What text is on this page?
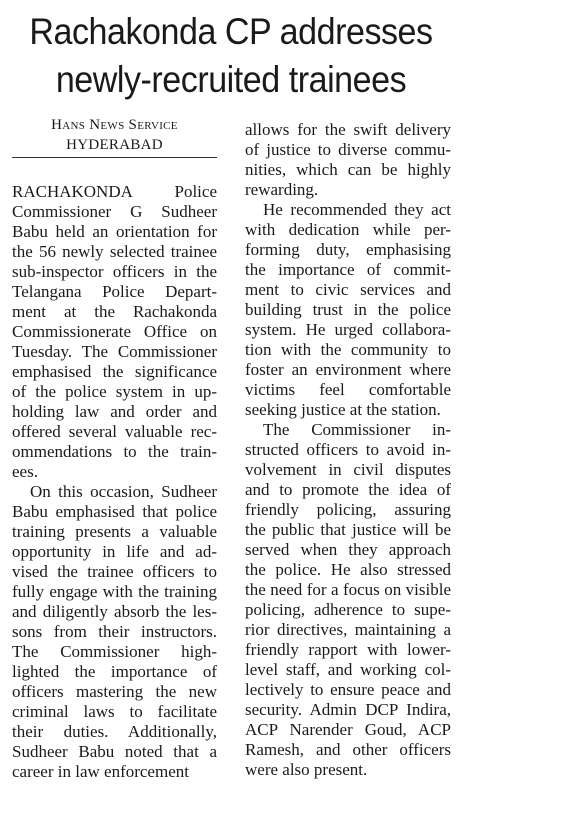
Rachakonda CP addresses
newly-recruited trainees
Hans News Service
HYDERABAD
RACHAKONDA Police
Commissioner G Sudheer
Babu held an orientation for
the 56 newly selected trainee
sub-inspector officers in the
Telangana Police Depart-
ment at the Rachakonda
Commissionerate Office on
Tuesday. The Commissioner
emphasised the significance
of the police system in up-
holding law and order and
offered several valuable rec-
ommendations to the train-
ees.
On this occasion, Sudheer
Babu emphasised that police
training presents a valuable
opportunity in life and ad-
vised the trainee officers to
fully engage with the training
and diligently absorb the les-
sons from their instructors.
The Commissioner high-
lighted the importance of
officers mastering the new
criminal laws to facilitate
their duties. Additionally,
Sudheer Babu noted that a
career in law enforcement
allows for the swift delivery
of justice to diverse commu-
nities, which can be highly
rewarding.
He recommended they act
with dedication while per-
forming duty, emphasising
the importance of commit-
ment to civic services and
building trust in the police
system. He urged collabora-
tion with the community to
foster an environment where
victims feel comfortable
seeking justice at the station.
The Commissioner in-
structed officers to avoid in-
volvement in civil disputes
and to promote the idea of
friendly policing, assuring
the public that justice will be
served when they approach
the police. He also stressed
the need for a focus on visible
policing, adherence to supe-
rior directives, maintaining a
friendly rapport with lower-
level staff, and working col-
lectively to ensure peace and
security. Admin DCP Indira,
ACP Narender Goud, ACP
Ramesh, and other officers
were also present.
